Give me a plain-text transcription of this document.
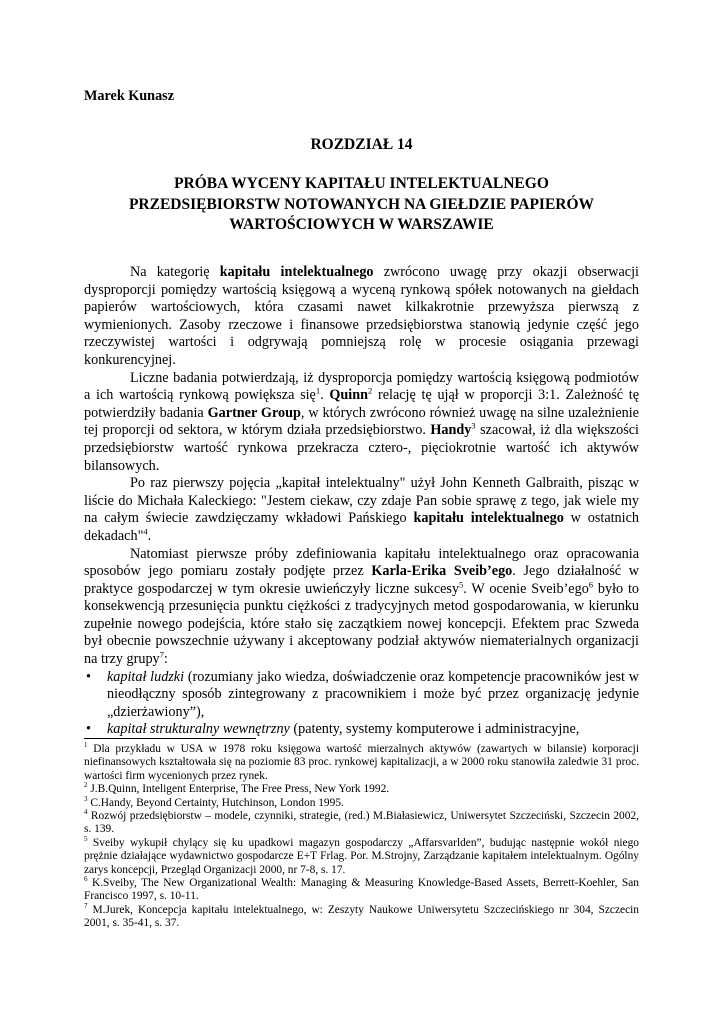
Marek Kunasz
ROZDZIAŁ 14
PRÓBA WYCENY KAPITAŁU INTELEKTUALNEGO
PRZEDSIĘBIORSTW NOTOWANYCH NA GIEŁDZIE PAPIERÓW
WARTOŚCIOWYCH W WARSZAWIE

Na kategorię kapitału intelektualnego zwrócono uwagę przy okazji obserwacji dysproporcji pomiędzy wartością księgową a wyceną rynkową spółek notowanych na giełdach papierów wartościowych, która czasami nawet kilkakrotnie przewyższa pierwszą z wymienionych. Zasoby rzeczowe i finansowe przedsiębiorstwa stanowią jedynie część jego rzeczywistej wartości i odgrywają pomniejszą rolę w procesie osiągania przewagi konkurencyjnej.

Liczne badania potwierdzają, iż dysproporcja pomiędzy wartością księgową podmiotów a ich wartością rynkową powiększa się$^1$. Quinn$^2$ relację tę ujął w proporcji 3:1. Zależność tę potwierdziły badania Gartner Group, w których zwrócono również uwagę na silne uzależnienie tej proporcji od sektora, w którym działa przedsiębiorstwo. Handy$^3$ szacował, iż dla większości przedsiębiorstw wartość rynkowa przekracza cztero-, pięciokrotnie wartość ich aktywów bilansowych.

Po raz pierwszy pojęcia „kapitał intelektualny" użył John Kenneth Galbraith, pisząc w liście do Michała Kaleckiego: "Jestem ciekaw, czy zdaje Pan sobie sprawę z tego, jak wiele my na całym świecie zawdzięczamy wkładowi Pańskiego kapitału intelektualnego w ostatnich dekadach"$^4$.

Natomiast pierwsze próby zdefiniowania kapitału intelektualnego oraz opracowania sposobów jego pomiaru zostały podjęte przez Karla-Erika Sveib’ego. Jego działalność w praktyce gospodarczej w tym okresie uwieńczyły liczne sukcesy$^5$. W ocenie Sveib’ego$^6$ było to konsekwencją przesunięcia punktu ciężkości z tradycyjnych metod gospodarowania, w kierunku zupełnie nowego podejścia, które stało się zaczątkiem nowej koncepcji. Efektem prac Szweda był obecnie powszechnie używany i akceptowany podział aktywów niematerialnych organizacji na trzy grupy$^7$:

• kapitał ludzki (rozumiany jako wiedza, doświadczenie oraz kompetencje pracowników jest w nieodłączny sposób zintegrowany z pracownikiem i może być przez organizację jedynie „dzierżawiony”),
• kapitał strukturalny wewnętrzny (patenty, systemy komputerowe i administracyjne,

$^1$ Dla przykładu w USA w 1978 roku księgowa wartość mierzalnych aktywów (zawartych w bilansie) korporacji niefinansowych kształtowała się na poziomie 83 proc. rynkowej kapitalizacji, a w 2000 roku stanowiła zaledwie 31 proc. wartości firm wycenionych przez rynek.

$^2$ J.B.Quinn, Inteligent Enterprise, The Free Press, New York 1992.

$^3$ C.Handy, Beyond Certainty, Hutchinson, London 1995.

$^4$ Rozwój przedsiębiorstw – modele, czynniki, strategie, (red.) M.Białasiewicz, Uniwersytet Szczeciński, Szczecin 2002, s. 139.

$^5$ Sveiby wykupił chylący się ku upadkowi magazyn gospodarczy „Affarsvarlden”, budując następnie wokół niego prężnie działające wydawnictwo gospodarcze E+T Frlag. Por. M.Strojny, Zarządzanie kapitałem intelektualnym. Ogólny zarys koncepcji, Przegląd Organizacji 2000, nr 7-8, s. 17.

$^6$ K.Sveiby, The New Organizational Wealth: Managing & Measuring Knowledge-Based Assets, Berrett-Koehler, San Francisco 1997, s. 10-11.

$^7$ M.Jurek, Koncepcja kapitału intelektualnego, w: Zeszyty Naukowe Uniwersytetu Szczecińskiego nr 304, Szczecin 2001, s. 35-41, s. 37.
